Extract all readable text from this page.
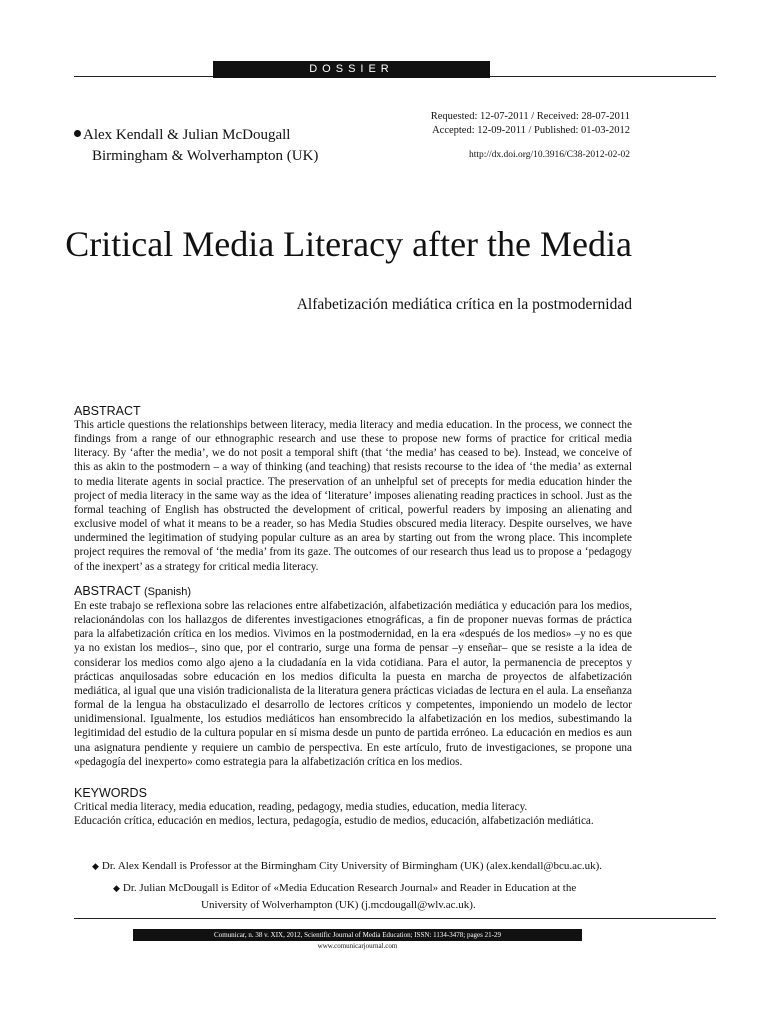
DOSSIER
Alex Kendall & Julian McDougall
Birmingham & Wolverhampton (UK)
Requested: 12-07-2011 / Received: 28-07-2011
Accepted: 12-09-2011 / Published: 01-03-2012
http://dx.doi.org/10.3916/C38-2012-02-02
Critical Media Literacy after the Media
Alfabetización mediática crítica en la postmodernidad
ABSTRACT

This article questions the relationships between literacy, media literacy and media education. In the process, we connect the findings from a range of our ethnographic research and use these to propose new forms of practice for critical media literacy. By ‘after the media’, we do not posit a temporal shift (that ‘the media’ has ceased to be). Instead, we conceive of this as akin to the postmodern – a way of thinking (and teaching) that resists recourse to the idea of ‘the media’ as external to media literate agents in social practice. The preservation of an unhelpful set of precepts for media education hinder the project of media literacy in the same way as the idea of ‘literature’ imposes alienating reading practices in school. Just as the formal teaching of English has obstructed the development of critical, powerful readers by imposing an alienating and exclusive model of what it means to be a reader, so has Media Studies obscured media literacy. Despite ourselves, we have undermined the legitimation of studying popular culture as an area by starting out from the wrong place. This incomplete project requires the removal of ‘the media’ from its gaze. The outcomes of our research thus lead us to propose a ‘pedagogy of the inexpert’ as a strategy for critical media literacy.

ABSTRACT (Spanish)

En este trabajo se reflexiona sobre las relaciones entre alfabetización, alfabetización mediática y educación para los medios, relacionándolas con los hallazgos de diferentes investigaciones etnográficas, a fin de proponer nuevas formas de práctica para la alfabetización crítica en los medios. Vivimos en la postmodernidad, en la era «después de los medios» –y no es que ya no existan los medios–, sino que, por el contrario, surge una forma de pensar –y enseñar– que se resiste a la idea de considerar los medios como algo ajeno a la ciudadanía en la vida cotidiana. Para el autor, la permanencia de preceptos y prácticas anquilosadas sobre educación en los medios dificulta la puesta en marcha de proyectos de alfabetización mediática, al igual que una visión tradicionalista de la literatura genera prácticas viciadas de lectura en el aula. La enseñanza formal de la lengua ha obstaculizado el desarrollo de lectores críticos y competentes, imponiendo un modelo de lector unidimensional. Igualmente, los estudios mediáticos han ensombrecido la alfabetización en los medios, subestimando la legitimidad del estudio de la cultura popular en sí misma desde un punto de partida erróneo. La educación en medios es aun una asignatura pendiente y requiere un cambio de perspectiva. En este artículo, fruto de investigaciones, se propone una «pedagogía del inexperto» como estrategia para la alfabetización crítica en los medios.

KEYWORDS
Critical media literacy, media education, reading, pedagogy, media studies, education, media literacy.
Educación crítica, educación en medios, lectura, pedagogía, estudio de medios, educación, alfabetización mediática.
◆ Dr. Alex Kendall is Professor at the Birmingham City University of Birmingham (UK) (alex.kendall@bcu.ac.uk).
◆ Dr. Julian McDougall is Editor of «Media Education Research Journal» and Reader in Education at the
University of Wolverhampton (UK) (j.mcdougall@wlv.ac.uk).
Comunicar, n. 38 v. XIX, 2012, Scientific Journal of Media Education; ISSN: 1134-3478; pages 21-29
www.comunicarjournal.com
